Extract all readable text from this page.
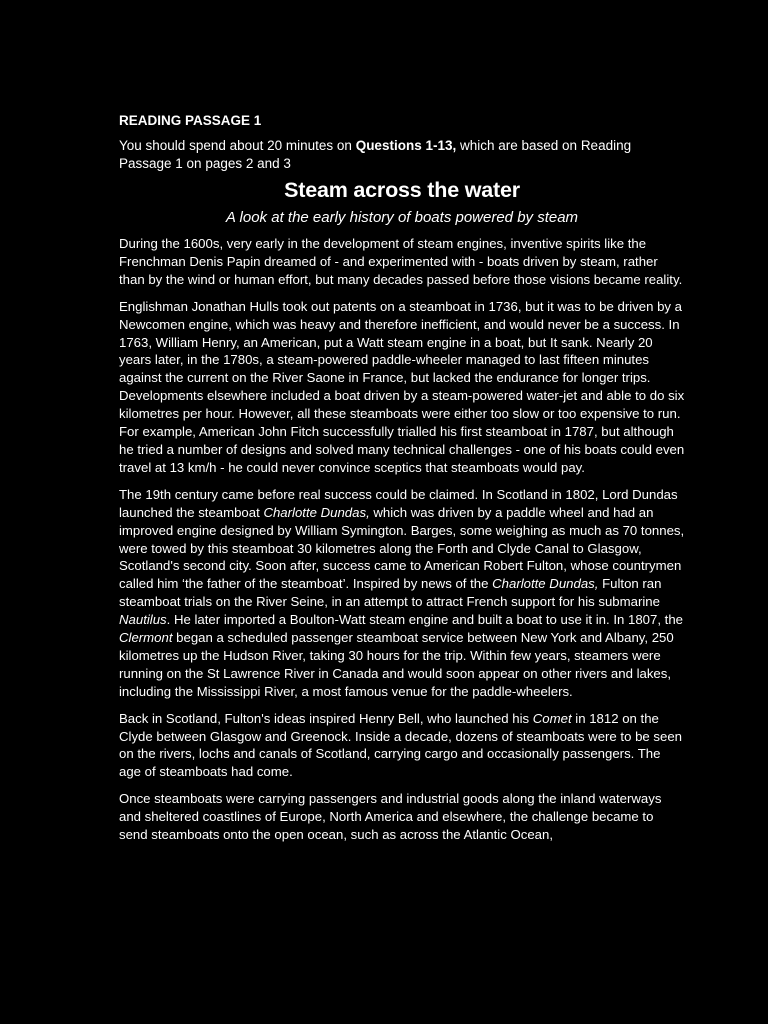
READING PASSAGE 1
You should spend about 20 minutes on Questions 1-13, which are based on Reading Passage 1 on pages 2 and 3
Steam across the water
A look at the early history of boats powered by steam

During the 1600s, very early in the development of steam engines, inventive spirits like the Frenchman Denis Papin dreamed of - and experimented with - boats driven by steam, rather than by the wind or human effort, but many decades passed before those visions became reality.

Englishman Jonathan Hulls took out patents on a steamboat in 1736, but it was to be driven by a Newcomen engine, which was heavy and therefore inefficient, and would never be a success. In 1763, William Henry, an American, put a Watt steam engine in a boat, but It sank. Nearly 20 years later, in the 1780s, a steam-powered paddle-wheeler managed to last fifteen minutes against the current on the River Saone in France, but lacked the endurance for longer trips. Developments elsewhere included a boat driven by a steam-powered water-jet and able to do six kilometres per hour. However, all these steamboats were either too slow or too expensive to run. For example, American John Fitch successfully trialled his first steamboat in 1787, but although he tried a number of designs and solved many technical challenges - one of his boats could even travel at 13 km/h - he could never convince sceptics that steamboats would pay.

The 19th century came before real success could be claimed. In Scotland in 1802, Lord Dundas launched the steamboat Charlotte Dundas, which was driven by a paddle wheel and had an improved engine designed by William Symington. Barges, some weighing as much as 70 tonnes, were towed by this steamboat 30 kilometres along the Forth and Clyde Canal to Glasgow, Scotland's second city. Soon after, success came to American Robert Fulton, whose countrymen called him ‘the father of the steamboat’. Inspired by news of the Charlotte Dundas, Fulton ran steamboat trials on the River Seine, in an attempt to attract French support for his submarine Nautilus. He later imported a Boulton-Watt steam engine and built a boat to use it in. In 1807, the Clermont began a scheduled passenger steamboat service between New York and Albany, 250 kilometres up the Hudson River, taking 30 hours for the trip. Within few years, steamers were running on the St Lawrence River in Canada and would soon appear on other rivers and lakes, including the Mississippi River, a most famous venue for the paddle-wheelers.

Back in Scotland, Fulton's ideas inspired Henry Bell, who launched his Comet in 1812 on the Clyde between Glasgow and Greenock. Inside a decade, dozens of steamboats were to be seen on the rivers, lochs and canals of Scotland, carrying cargo and occasionally passengers. The age of steamboats had come.

Once steamboats were carrying passengers and industrial goods along the inland waterways and sheltered coastlines of Europe, North America and elsewhere, the challenge became to send steamboats onto the open ocean, such as across the Atlantic Ocean,
